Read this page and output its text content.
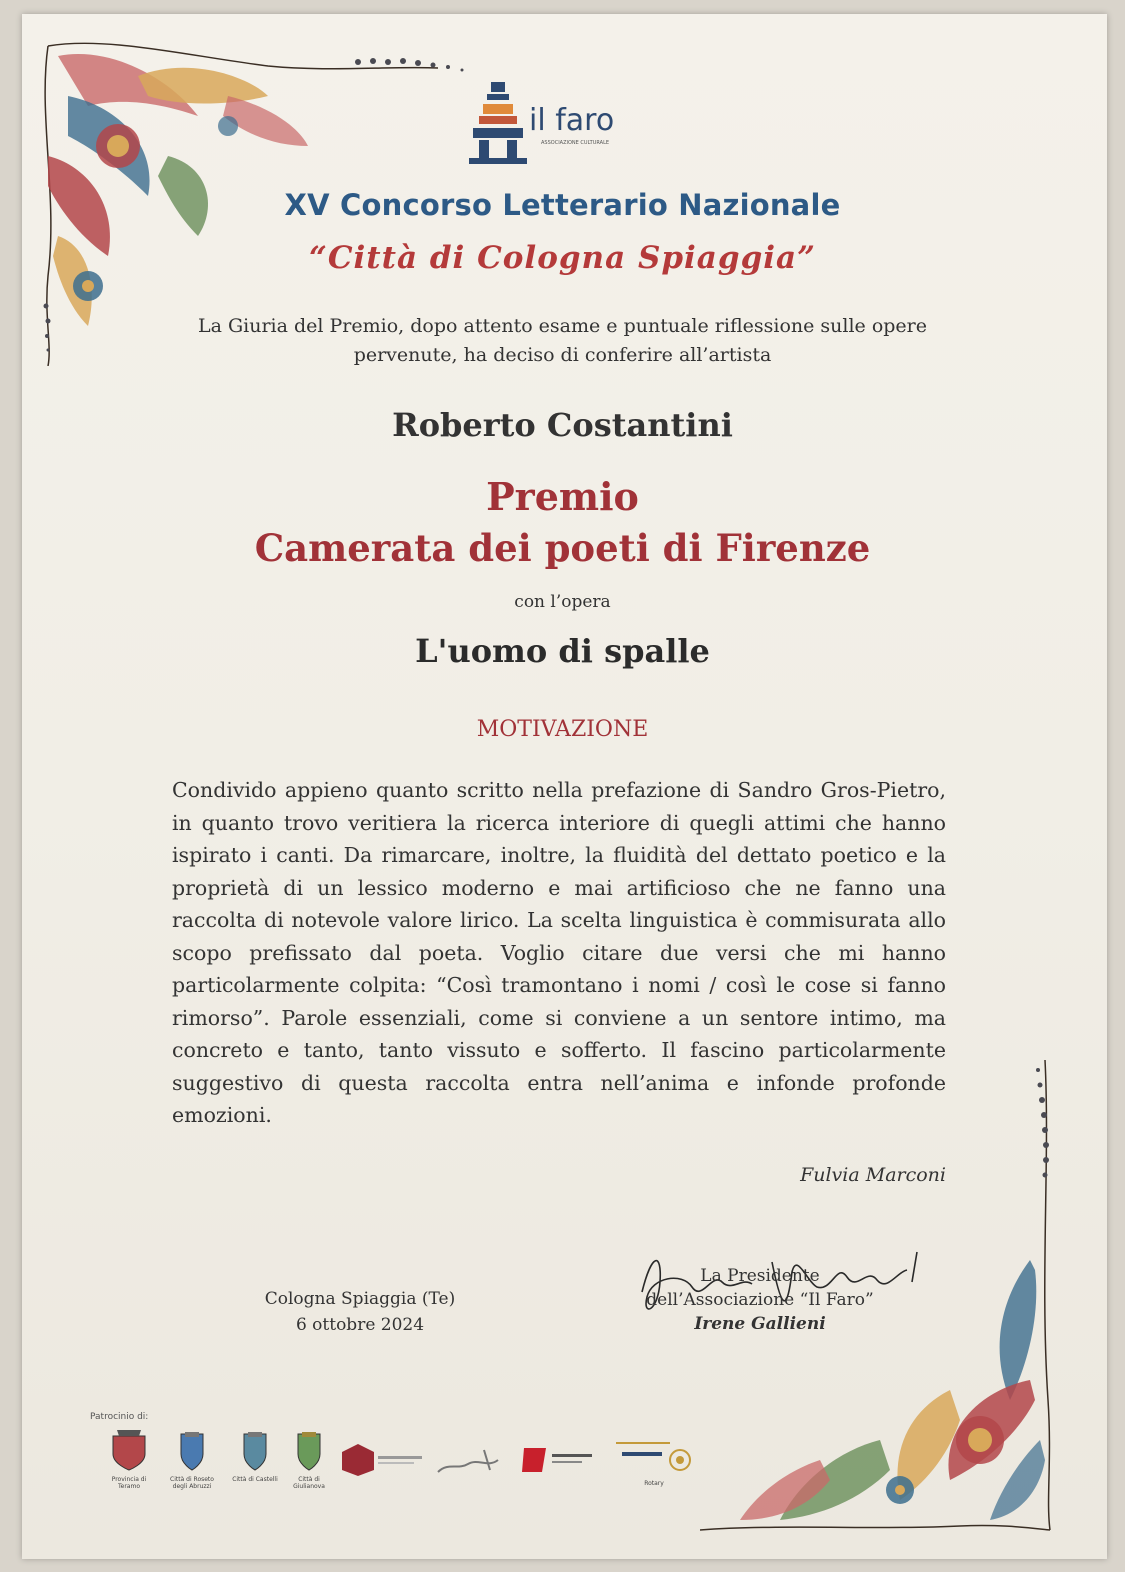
il faro
ASSOCIAZIONE CULTURALE
XV Concorso Letterario Nazionale
“Città di Cologna Spiaggia”
La Giuria del Premio, dopo attento esame e puntuale riflessione sulle opere
pervenute, ha deciso di conferire all’artista
Roberto Costantini
Premio
Camerata dei poeti di Firenze
con l’opera
L'uomo di spalle
MOTIVAZIONE
Condivido appieno quanto scritto nella prefazione di Sandro Gros-Pietro, in quanto trovo veritiera la ricerca interiore di quegli attimi che hanno ispirato i canti. Da rimarcare, inoltre, la fluidità del dettato poetico e la proprietà di un lessico moderno e mai artificioso che ne fanno una raccolta di notevole valore lirico. La scelta linguistica è commisurata allo scopo prefissato dal poeta. Voglio citare due versi che mi hanno particolarmente colpita: “Così tramontano i nomi / così le cose si fanno rimorso”. Parole essenziali, come si conviene a un sentore intimo, ma concreto e tanto, tanto vissuto e sofferto. Il fascino particolarmente suggestivo di questa raccolta entra nell’anima e infonde profonde emozioni.
Fulvia Marconi
Cologna Spiaggia (Te)
6 ottobre 2024
La Presidente
dell’Associazione “Il Faro”
Irene Gallieni
Patrocinio di:
Provincia di Teramo
Città di Roseto degli Abruzzi
Città di Castelli	Città di Giulianova	Rotary
